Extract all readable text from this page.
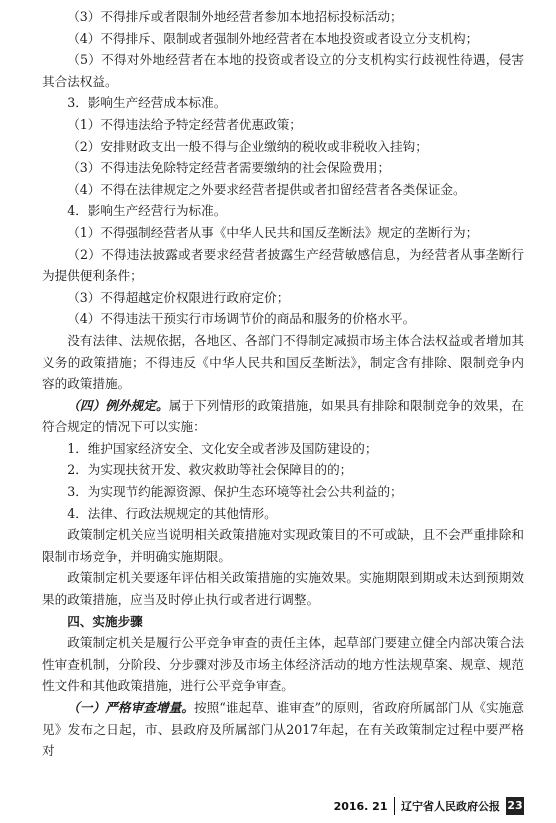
（3）不得排斥或者限制外地经营者参加本地招标投标活动；

（4）不得排斥、限制或者强制外地经营者在本地投资或者设立分支机构；

（5）不得对外地经营者在本地的投资或者设立的分支机构实行歧视性待遇，侵害其合法权益。

3．影响生产经营成本标准。

（1）不得违法给予特定经营者优惠政策；

（2）安排财政支出一般不得与企业缴纳的税收或非税收入挂钩；

（3）不得违法免除特定经营者需要缴纳的社会保险费用；

（4）不得在法律规定之外要求经营者提供或者扣留经营者各类保证金。

4．影响生产经营行为标准。

（1）不得强制经营者从事《中华人民共和国反垄断法》规定的垄断行为；

（2）不得违法披露或者要求经营者披露生产经营敏感信息，为经营者从事垄断行为提供便利条件；

（3）不得超越定价权限进行政府定价；

（4）不得违法干预实行市场调节价的商品和服务的价格水平。

没有法律、法规依据，各地区、各部门不得制定减损市场主体合法权益或者增加其义务的政策措施；不得违反《中华人民共和国反垄断法》，制定含有排除、限制竞争内容的政策措施。

（四）例外规定。属于下列情形的政策措施，如果具有排除和限制竞争的效果，在符合规定的情况下可以实施：

1．维护国家经济安全、文化安全或者涉及国防建设的；

2．为实现扶贫开发、救灾救助等社会保障目的的；

3．为实现节约能源资源、保护生态环境等社会公共利益的；

4．法律、行政法规规定的其他情形。

政策制定机关应当说明相关政策措施对实现政策目的不可或缺，且不会严重排除和限制市场竞争，并明确实施期限。

政策制定机关要逐年评估相关政策措施的实施效果。实施期限到期或未达到预期效果的政策措施，应当及时停止执行或者进行调整。

四、实施步骤

政策制定机关是履行公平竞争审查的责任主体，起草部门要建立健全内部决策合法性审查机制，分阶段、分步骤对涉及市场主体经济活动的地方性法规草案、规章、规范性文件和其他政策措施，进行公平竞争审查。

（一）严格审查增量。按照“谁起草、谁审查”的原则，省政府所属部门从《实施意见》发布之日起，市、县政府及所属部门从2017年起，在有关政策制定过程中要严格对

2016. 21 辽宁省人民政府公报 23
